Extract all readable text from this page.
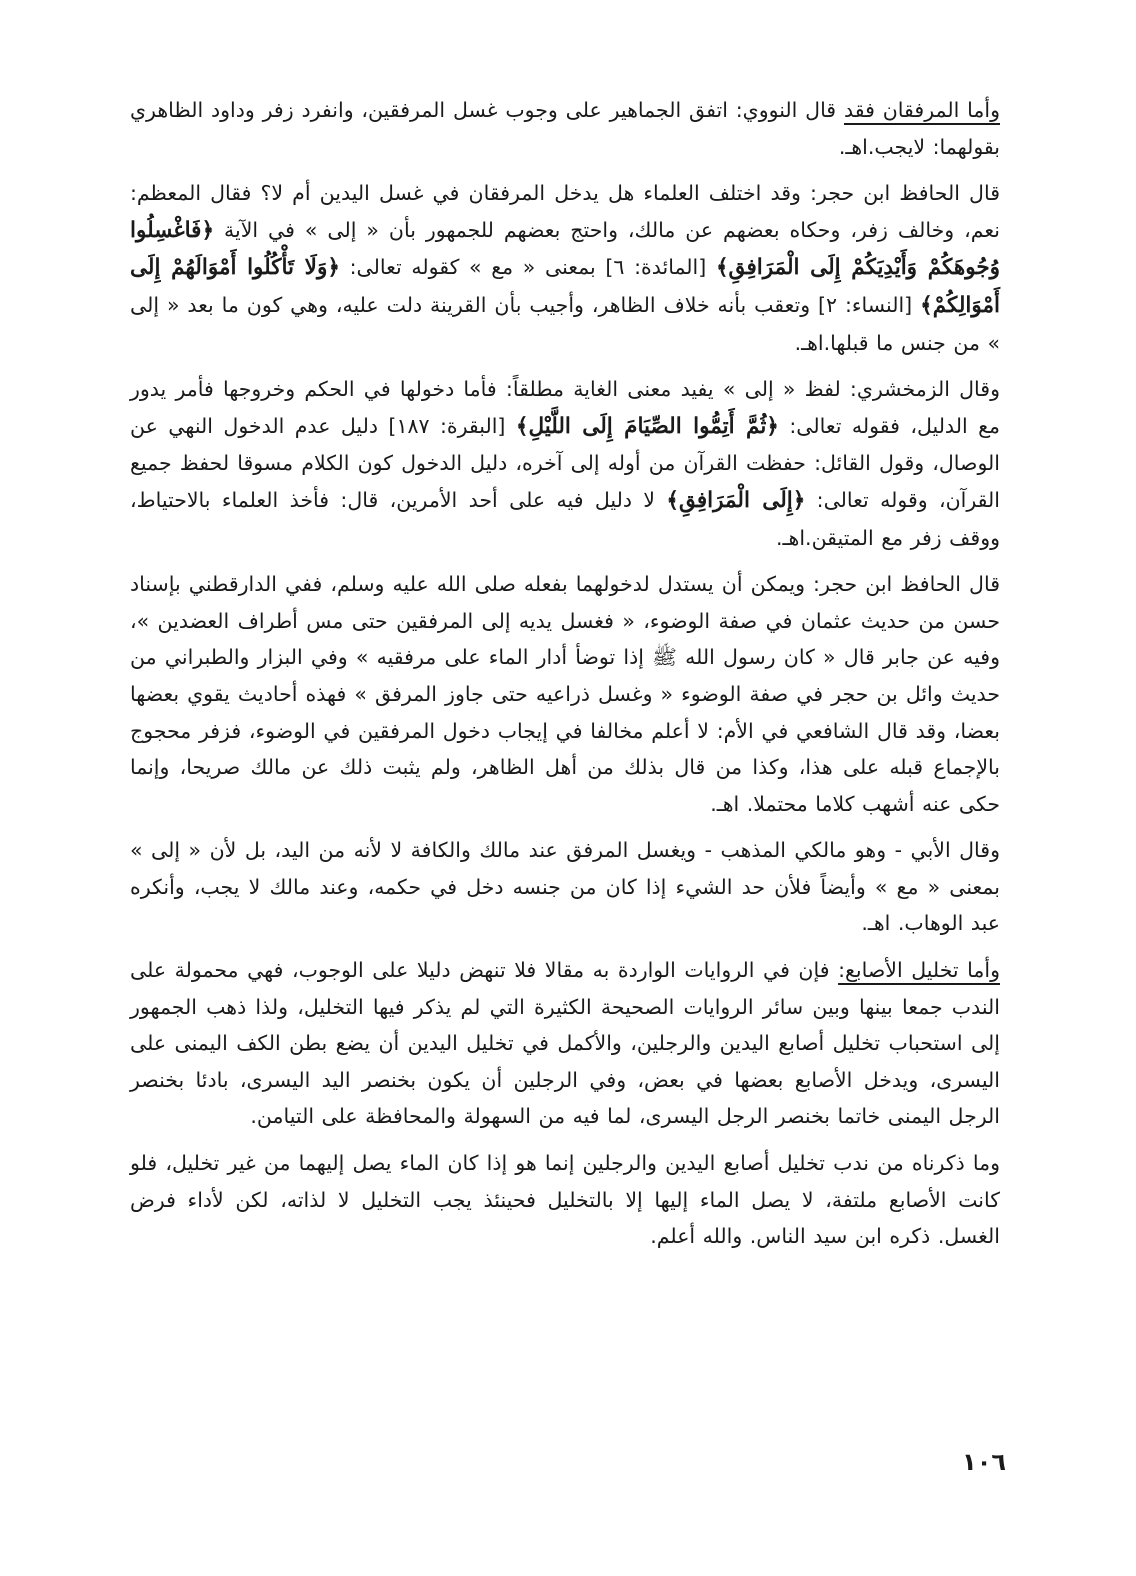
وأما المرفقان فقد قال النووي: اتفق الجماهير على وجوب غسل المرفقين، وانفرد زفر وداود الظاهري بقولهما: لايجب.اهـ.

قال الحافظ ابن حجر: وقد اختلف العلماء هل يدخل المرفقان في غسل اليدين أم لا؟ فقال المعظم: نعم، وخالف زفر، وحكاه بعضهم عن مالك، واحتج بعضهم للجمهور بأن « إلى » في الآية ﴿فَاغْسِلُوا وُجُوهَكُمْ وَأَيْدِيَكُمْ إِلَى الْمَرَافِقِ﴾ [المائدة: ٦] بمعنى « مع » كقوله تعالى: ﴿وَلَا تَأْكُلُوا أَمْوَالَهُمْ إِلَى أَمْوَالِكُمْ﴾ [النساء: ٢] وتعقب بأنه خلاف الظاهر، وأجيب بأن القرينة دلت عليه، وهي كون ما بعد « إلى » من جنس ما قبلها.اهـ.

وقال الزمخشري: لفظ « إلى » يفيد معنى الغاية مطلقاً: فأما دخولها في الحكم وخروجها فأمر يدور مع الدليل، فقوله تعالى: ﴿ثُمَّ أَتِمُّوا الصِّيَامَ إِلَى اللَّيْلِ﴾ [البقرة: ١٨٧] دليل عدم الدخول النهي عن الوصال، وقول القائل: حفظت القرآن من أوله إلى آخره، دليل الدخول كون الكلام مسوقا لحفظ جميع القرآن، وقوله تعالى: ﴿إِلَى الْمَرَافِقِ﴾ لا دليل فيه على أحد الأمرين، قال: فأخذ العلماء بالاحتياط، ووقف زفر مع المتيقن.اهـ.

قال الحافظ ابن حجر: ويمكن أن يستدل لدخولهما بفعله صلى الله عليه وسلم، ففي الدارقطني بإسناد حسن من حديث عثمان في صفة الوضوء، « فغسل يديه إلى المرفقين حتى مس أطراف العضدين »، وفيه عن جابر قال « كان رسول الله ﷺ إذا توضأ أدار الماء على مرفقيه » وفي البزار والطبراني من حديث وائل بن حجر في صفة الوضوء « وغسل ذراعيه حتى جاوز المرفق » فهذه أحاديث يقوي بعضها بعضا، وقد قال الشافعي في الأم: لا أعلم مخالفا في إيجاب دخول المرفقين في الوضوء، فزفر محجوج بالإجماع قبله على هذا، وكذا من قال بذلك من أهل الظاهر، ولم يثبت ذلك عن مالك صريحا، وإنما حكى عنه أشهب كلاما محتملا. اهـ.

وقال الأبي - وهو مالكي المذهب - ويغسل المرفق عند مالك والكافة لا لأنه من اليد، بل لأن « إلى » بمعنى « مع » وأيضاً فلأن حد الشيء إذا كان من جنسه دخل في حكمه، وعند مالك لا يجب، وأنكره عبد الوهاب. اهـ.

وأما تخليل الأصابع: فإن في الروايات الواردة به مقالا فلا تنهض دليلا على الوجوب، فهي محمولة على الندب جمعا بينها وبين سائر الروايات الصحيحة الكثيرة التي لم يذكر فيها التخليل، ولذا ذهب الجمهور إلى استحباب تخليل أصابع اليدين والرجلين، والأكمل في تخليل اليدين أن يضع بطن الكف اليمنى على اليسرى، ويدخل الأصابع بعضها في بعض، وفي الرجلين أن يكون بخنصر اليد اليسرى، بادئا بخنصر الرجل اليمنى خاتما بخنصر الرجل اليسرى، لما فيه من السهولة والمحافظة على التيامن.

وما ذكرناه من ندب تخليل أصابع اليدين والرجلين إنما هو إذا كان الماء يصل إليهما من غير تخليل، فلو كانت الأصابع ملتفة، لا يصل الماء إليها إلا بالتخليل فحينئذ يجب التخليل لا لذاته، لكن لأداء فرض الغسل. ذكره ابن سيد الناس. والله أعلم.

١٠٦
